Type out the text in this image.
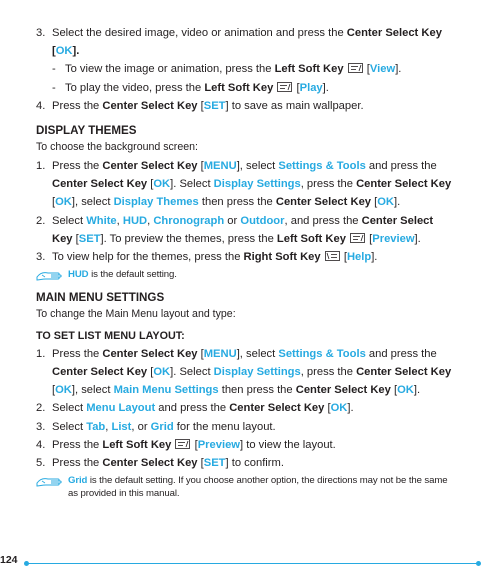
3. Select the desired image, video or animation and press the Center Select Key
[OK].
- To view the image or animation, press the Left Soft Key  [View].
- To play the video, press the Left Soft Key  [Play].
4. Press the Center Select Key [SET] to save as main wallpaper.
DISPLAY THEMES
To choose the background screen:
1. Press the Center Select Key [MENU], select Settings & Tools and press the
Center Select Key [OK]. Select Display Settings, press the Center Select Key
[OK], select Display Themes then press the Center Select Key [OK].
2. Select White, HUD, Chronograph or Outdoor, and press the Center Select
Key [SET]. To preview the themes, press the Left Soft Key  [Preview].
3. To view help for the themes, press the Right Soft Key  [Help].
HUD is the default setting.
MAIN MENU SETTINGS
To change the Main Menu layout and type:
TO SET LIST MENU LAYOUT:
1. Press the Center Select Key [MENU], select Settings & Tools and press the
Center Select Key [OK]. Select Display Settings, press the Center Select Key
[OK], select Main Menu Settings then press the Center Select Key [OK].
2. Select Menu Layout and press the Center Select Key [OK].
3. Select Tab, List, or Grid for the menu layout.
4. Press the Left Soft Key  [Preview] to view the layout.
5. Press the Center Select Key [SET] to confirm.
Grid is the default setting. If you choose another option, the directions may not be the same as provided in this manual.
124
